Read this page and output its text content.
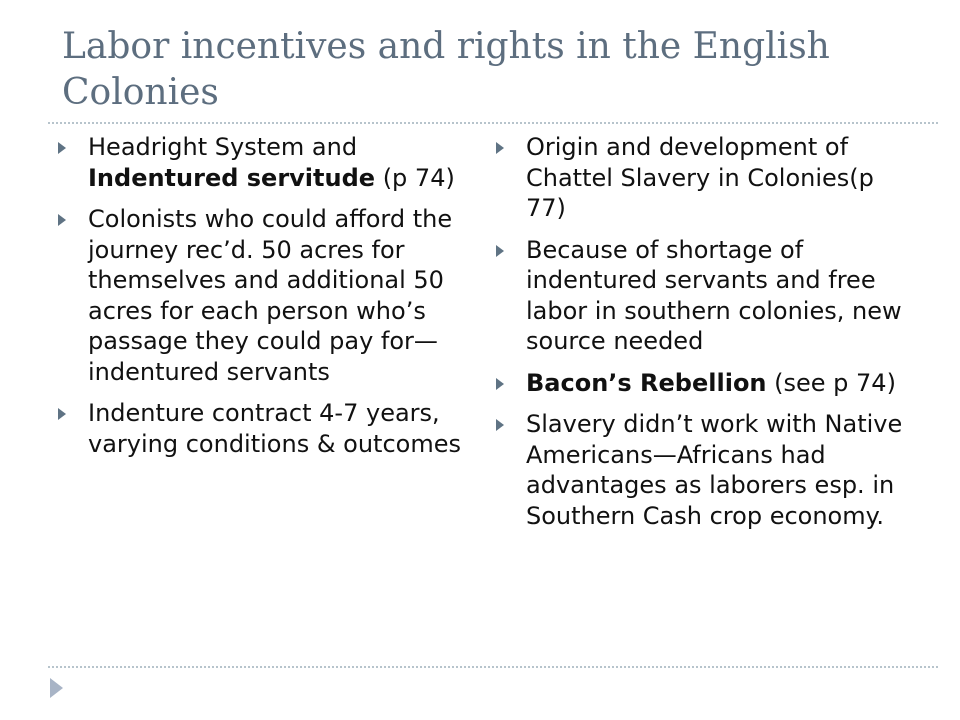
Labor incentives and rights in the English Colonies
Headright System and Indentured servitude (p 74)
Colonists who could afford the journey rec’d. 50 acres for themselves and additional 50 acres for each person who’s passage they could pay for—indentured servants
Indenture contract 4-7 years, varying conditions & outcomes
Origin and development of Chattel Slavery in Colonies(p 77)
Because of shortage of indentured servants and free labor in southern colonies, new source needed
Bacon’s Rebellion (see p 74)
Slavery didn’t work with Native Americans—Africans had advantages as laborers esp. in Southern Cash crop economy.
